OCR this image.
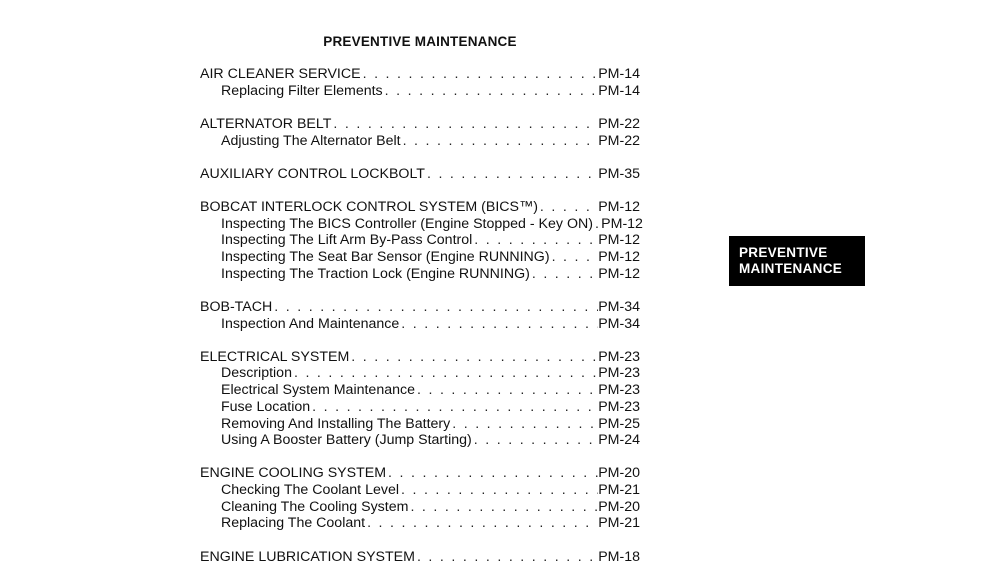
PREVENTIVE MAINTENANCE
AIR CLEANER SERVICE . . .	PM-14
Replacing Filter Elements . . .	PM-14
ALTERNATOR BELT . . .	PM-22
Adjusting The Alternator Belt . . .	PM-22
AUXILIARY CONTROL LOCKBOLT . . .	PM-35
BOBCAT INTERLOCK CONTROL SYSTEM (BICS™) . . .	PM-12
Inspecting The BICS Controller (Engine Stopped - Key ON) . . . PM-12
Inspecting The Lift Arm By-Pass Control . . .	PM-12
Inspecting The Seat Bar Sensor (Engine RUNNING) . . .	PM-12
Inspecting The Traction Lock (Engine RUNNING) . . .	PM-12
BOB-TACH . . .	PM-34
Inspection And Maintenance . . .	PM-34
ELECTRICAL SYSTEM . . .	PM-23
Description . . .	PM-23
Electrical System Maintenance . . .	PM-23
Fuse Location . . .	PM-23
Removing And Installing The Battery . . .	PM-25
Using A Booster Battery (Jump Starting) . . .	PM-24
ENGINE COOLING SYSTEM . . .	PM-20
Checking The Coolant Level . . .	PM-21
Cleaning The Cooling System . . .	PM-20
Replacing The Coolant . . .	PM-21
ENGINE LUBRICATION SYSTEM . . .	PM-18
PREVENTIVE
MAINTENANCE
